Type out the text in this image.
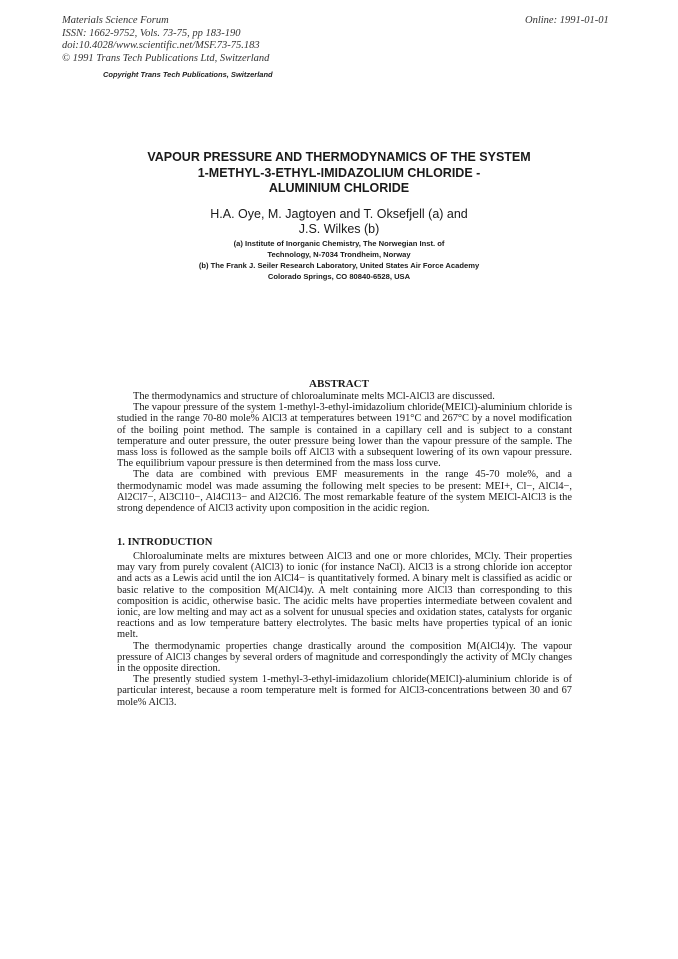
Materials Science Forum
ISSN: 1662-9752, Vols. 73-75, pp 183-190
doi:10.4028/www.scientific.net/MSF.73-75.183
© 1991 Trans Tech Publications Ltd, Switzerland
Online: 1991-01-01
Copyright Trans Tech Publications, Switzerland
VAPOUR PRESSURE AND THERMODYNAMICS OF THE SYSTEM
1-METHYL-3-ETHYL-IMIDAZOLIUM CHLORIDE -
ALUMINIUM CHLORIDE
H.A. Oye, M. Jagtoyen and T. Oksefjell (a) and
J.S. Wilkes (b)
(a) Institute of Inorganic Chemistry, The Norwegian Inst. of
Technology, N-7034 Trondheim, Norway
(b) The Frank J. Seiler Research Laboratory, United States Air Force Academy
Colorado Springs, CO 80840-6528, USA
ABSTRACT

The thermodynamics and structure of chloroaluminate melts MCl-AlCl3 are discussed.

The vapour pressure of the system 1-methyl-3-ethyl-imidazolium chloride(MEICl)-aluminium chloride is studied in the range 70-80 mole% AlCl3 at temperatures between 191°C and 267°C by a novel modification of the boiling point method. The sample is contained in a capillary cell and is subject to a constant temperature and outer pressure, the outer pressure being lower than the vapour pressure of the sample. The mass loss is followed as the sample boils off AlCl3 with a subsequent lowering of its own vapour pressure. The equilibrium vapour pressure is then determined from the mass loss curve.

The data are combined with previous EMF measurements in the range 45-70 mole%, and a thermodynamic model was made assuming the following melt species to be present: MEI+, Cl−, AlCl4−, Al2Cl7−, Al3Cl10−, Al4Cl13− and Al2Cl6. The most remarkable feature of the system MEICl-AlCl3 is the strong dependence of AlCl3 activity upon composition in the acidic region.

1. INTRODUCTION

Chloroaluminate melts are mixtures between AlCl3 and one or more chlorides, MCly. Their properties may vary from purely covalent (AlCl3) to ionic (for instance NaCl). AlCl3 is a strong chloride ion acceptor and acts as a Lewis acid until the ion AlCl4− is quantitatively formed. A binary melt is classified as acidic or basic relative to the composition M(AlCl4)y. A melt containing more AlCl3 than corresponding to this composition is acidic, otherwise basic. The acidic melts have properties intermediate between covalent and ionic, are low melting and may act as a solvent for unusual species and oxidation states, catalysts for organic reactions and as low temperature battery electrolytes. The basic melts have properties typical of an ionic melt.

The thermodynamic properties change drastically around the composition M(AlCl4)y. The vapour pressure of AlCl3 changes by several orders of magnitude and correspondingly the activity of MCly changes in the opposite direction.

The presently studied system 1-methyl-3-ethyl-imidazolium chloride(MEICl)-aluminium chloride is of particular interest, because a room temperature melt is formed for AlCl3-concentrations between 30 and 67 mole% AlCl3.
